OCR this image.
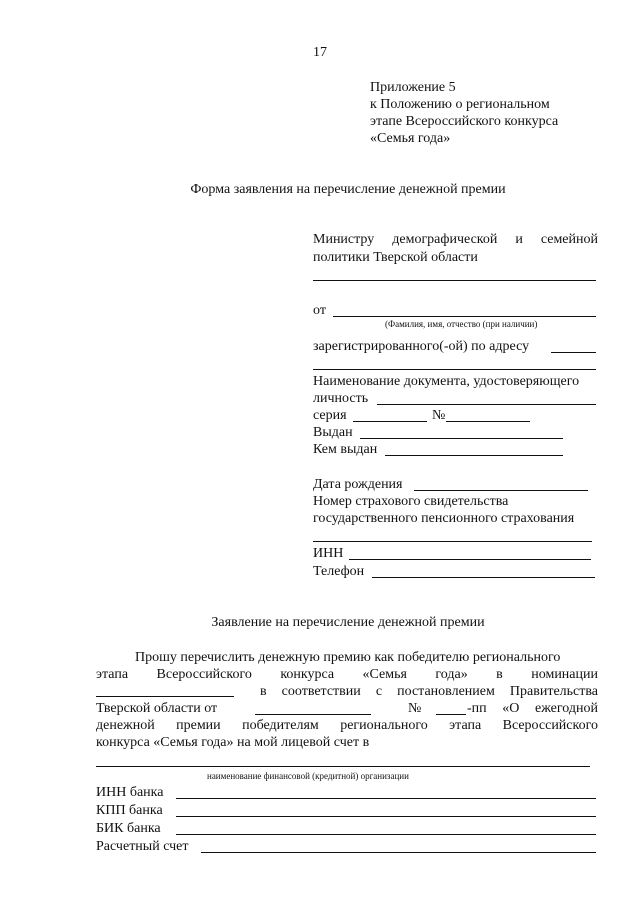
17
Приложение 5
к Положению о региональном
этапе Всероссийского конкурса
«Семья года»
Форма заявления на перечисление денежной премии
Министру демографической и семейной
политики Тверской области
от
(Фамилия, имя, отчество (при наличии)
зарегистрированного(-ой) по адресу
Наименование документа, удостоверяющего
личность
серия	№
Выдан
Кем выдан
Дата рождения
Номер страхового свидетельства
государственного пенсионного страхования
ИНН
Телефон
Заявление на перечисление денежной премии
Прошу перечислить денежную премию как победителю регионального
этапа Всероссийского конкурса «Семья года» в номинации
в соответствии с постановлением Правительства
Тверской области от	№	-пп «О ежегодной
денежной премии победителям регионального этапа Всероссийского
конкурса «Семья года» на мой лицевой счет в
наименование финансовой (кредитной) организации
ИНН банка
КПП банка
БИК банка
Расчетный счет
